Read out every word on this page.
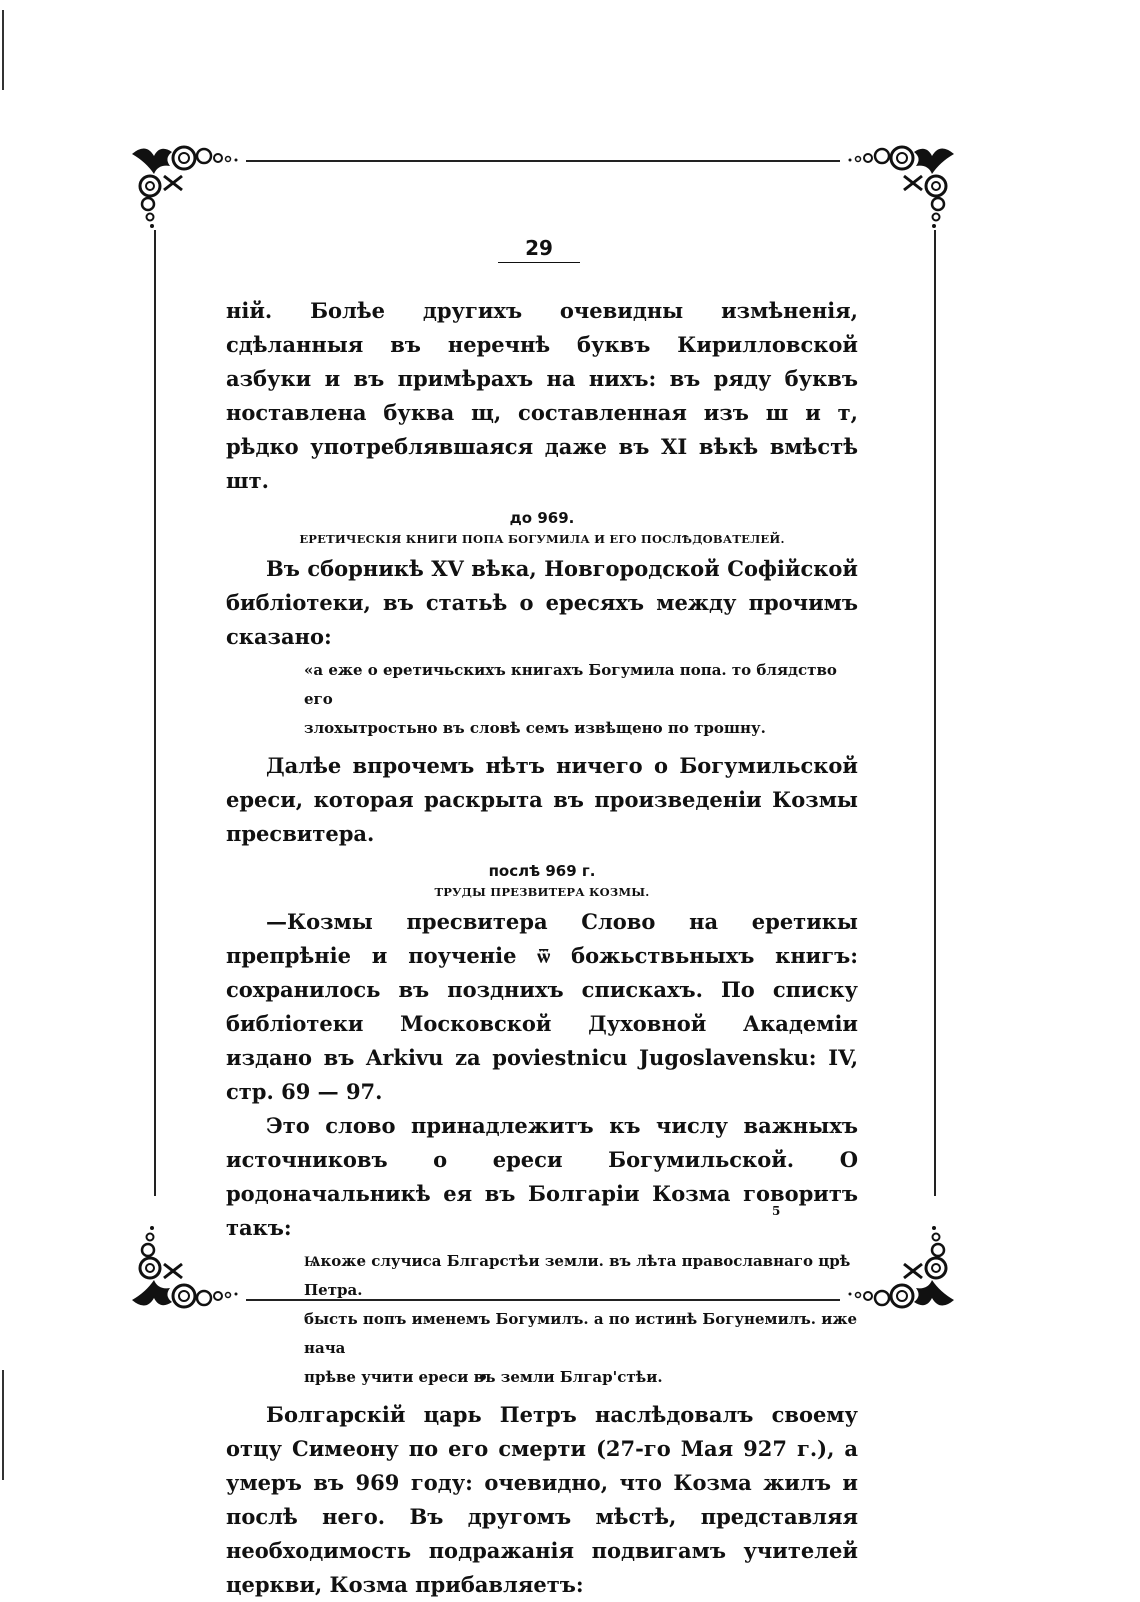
29

ній. Болѣе другихъ очевидны измѣненія, сдѣланныя въ неречнѣ буквъ Кирилловской азбуки и въ примѣрахъ на нихъ: въ ряду буквъ ноставлена буква щ, составленная изъ ш и т, рѣдко употреблявшаяся даже въ XI вѣкѣ вмѣстѣ шт.

до 969.

ЕРЕТИЧЕСКІЯ КНИГИ ПОПА БОГУМИЛА И ЕГО ПОСЛѢДОВАТЕЛЕЙ.

Въ сборникѣ XV вѣка, Новгородской Софійской библіотеки, въ статьѣ о ересяхъ между прочимъ сказано:

«а еже о еретичьскихъ книгахъ Богумила попа. то блядство его
злохытростьно въ словѣ семъ извѣщено по трошну.

Далѣе впрочемъ нѣтъ ничего о Богумильской ереси, которая раскрыта въ произведеніи Козмы пресвитера.

послѣ 969 г.

ТРУДЫ ПРЕЗВИТЕРА КОЗМЫ.

—Козмы пресвитера Слово на еретикы препрѣніе и поученіе ѿ божьствьныхъ книгъ: сохранилось въ позднихъ спискахъ. По списку библіотеки Московской Духовной Академіи издано въ Arkivu za poviestnicu Jugoslavensku: IV, стр. 69 — 97.

Это слово принадлежитъ къ числу важныхъ источниковъ о ереси Богумильской. О родоначальникѣ ея въ Болгаріи Козма говоритъ такъ:

Ѩкоже случиса Блгарстѣи земли. въ лѣта православнаго црѣ Петра.
бысть попъ именемъ Богумилъ. а по истинѣ Богунемилъ. иже нача
прѣве учити ереси въ земли Блгар'стѣи.

Болгарскій царь Петръ наслѣдовалъ своему отцу Симеону по его смерти (27-го Мая 927 г.), а умеръ въ 969 году: очевидно, что Козма жилъ и послѣ него. Въ другомъ мѣстѣ, представляя необходимость подражанія подвигамъ учителей церкви, Козма прибавляетъ:

5
